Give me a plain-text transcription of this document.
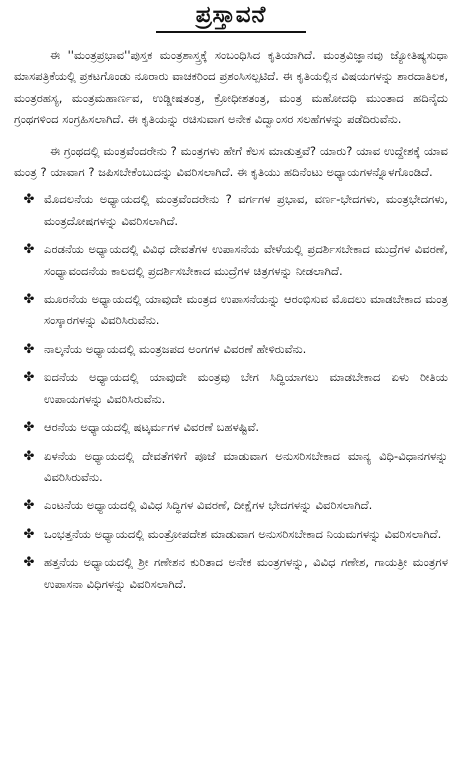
ಪ್ರಸ್ತಾವನೆ

ಈ ''ಮಂತ್ರಪ್ರಭಾವ''ಪುಸ್ತಕ ಮಂತ್ರಶಾಸ್ತ್ರಕ್ಕೆ ಸಂಬಂಧಿಸಿದ ಕೃತಿಯಾಗಿದೆ. ಮಂತ್ರವಿಜ್ಞಾನವು ಜ್ಯೋತಿಷ್ಯಸುಧಾ ಮಾಸಪತ್ರಿಕೆಯಲ್ಲಿ ಪ್ರಕಟಗೊಂಡು ನೂರಾರು ವಾಚಕರಿಂದ ಪ್ರಶಂಸಿಸಲ್ಪಟಿದೆ. ಈ ಕೃತಿಯಲ್ಲಿನ ವಿಷಯಗಳನ್ನು ಶಾರದಾತಿಲಕ, ಮಂತ್ರರಹಸ್ಯ, ಮಂತ್ರಮಹಾರ್ಣವ, ಉಡ್ಡೀಷತಂತ್ರ, ಕ್ರೋಧೀಶತಂತ್ರ, ಮಂತ್ರ ಮಹೋದಧಿ ಮುಂತಾದ ಹದಿನೈದು ಗ್ರಂಥಗಳಿಂದ ಸಂಗ್ರಹಿಸಲಾಗಿದೆ. ಈ ಕೃತಿಯನ್ನು ರಚಿಸುವಾಗ ಅನೇಕ ವಿದ್ವಾಂಸರ ಸಲಹೆಗಳನ್ನು ಪಡೆದಿರುವೆನು.

ಈ ಗ್ರಂಥದಲ್ಲಿ ಮಂತ್ರವೆಂದರೇನು ? ಮಂತ್ರಗಳು ಹೇಗೆ ಕೆಲಸ ಮಾಡುತ್ತವೆ? ಯಾರು? ಯಾವ ಉದ್ದೇಶಕ್ಕೆ ಯಾವ ಮಂತ್ರ ? ಯಾವಾಗ ? ಜಪಿಸಬೇಕೆಂಬುದನ್ನು ವಿವರಿಸಲಾಗಿದೆ. ಈ ಕೃತಿಯು ಹದಿನೆಂಟು ಅಧ್ಯಾಯಗಳನ್ನೊಳಗೊಂಡಿದೆ.

✤ ಮೊದಲನೆಯ ಅಧ್ಯಾಯದಲ್ಲಿ ಮಂತ್ರವೆಂದರೇನು ? ವರ್ಗಗಳ ಪ್ರಭಾವ, ವರ್ಣ-ಭೇದಗಳು, ಮಂತ್ರಭೇದಗಳು, ಮಂತ್ರದೋಷಗಳನ್ನು ವಿವರಿಸಲಾಗಿದೆ.
✤ ಎರಡನೆಯ ಅಧ್ಯಾಯದಲ್ಲಿ ವಿವಿಧ ದೇವತೆಗಳ ಉಪಾಸನೆಯ ವೇಳೆಯಲ್ಲಿ ಪ್ರದರ್ಶಿಸಬೇಕಾದ ಮುದ್ರೆಗಳ ವಿವರಣೆ, ಸಂಧ್ಯಾವಂದನೆಯ ಕಾಲದಲ್ಲಿ ಪ್ರದರ್ಶಿಸಬೇಕಾದ ಮುದ್ರೆಗಳ ಚಿತ್ರಗಳನ್ನು ನೀಡಲಾಗಿದೆ.
✤ ಮೂರನೆಯ ಅಧ್ಯಾಯದಲ್ಲಿ ಯಾವುದೇ ಮಂತ್ರದ ಉಪಾಸನೆಯನ್ನು ಆರಂಭಿಸುವ ಮೊದಲು ಮಾಡಬೇಕಾದ ಮಂತ್ರ ಸಂಸ್ಕಾರಗಳನ್ನು ವಿವರಿಸಿರುವೆನು.
✤ ನಾಲ್ಕನೆಯ ಅಧ್ಯಾಯದಲ್ಲಿ ಮಂತ್ರಜಪದ ಅಂಗಗಳ ವಿವರಣೆ ಹೇಳಿರುವೆನು.
✤ ಐದನೆಯ ಅಧ್ಯಾಯದಲ್ಲಿ ಯಾವುದೇ ಮಂತ್ರವು ಬೇಗ ಸಿದ್ಧಿಯಾಗಲು ಮಾಡಬೇಕಾದ ಏಳು ರೀತಿಯ ಉಪಾಯಗಳನ್ನು ವಿವರಿಸಿರುವೆನು.
✤ ಆರನೆಯ ಅಧ್ಯಾಯದಲ್ಲಿ ಷಟ್ಕರ್ಮಗಳ ವಿವರಣೆ ಬಹಳಷ್ಟಿವೆ.
✤ ಏಳನೆಯ ಅಧ್ಯಾಯದಲ್ಲಿ ದೇವತೆಗಳಿಗೆ ಪೂಜೆ ಮಾಡುವಾಗ ಅನುಸರಿಸಬೇಕಾದ ಮಾನ್ಯ ವಿಧಿ-ವಿಧಾನಗಳನ್ನು ವಿವರಿಸಿರುವೆನು.
✤ ಎಂಟನೆಯ ಅಧ್ಯಾಯದಲ್ಲಿ ವಿವಿಧ ಸಿದ್ಧಿಗಳ ವಿವರಣೆ, ದೀಕ್ಷೆಗಳ ಭೇದಗಳನ್ನು ವಿವರಿಸಲಾಗಿದೆ.
✤ ಒಂಭತ್ತನೆಯ ಅಧ್ಯಾಯದಲ್ಲಿ ಮಂತ್ರೋಪದೇಶ ಮಾಡುವಾಗ ಅನುಸರಿಸಬೇಕಾದ ನಿಯಮಗಳನ್ನು ವಿವರಿಸಲಾಗಿದೆ.
✤ ಹತ್ತನೆಯ ಅಧ್ಯಾಯದಲ್ಲಿ ಶ್ರೀ ಗಣೇಶನ ಕುರಿತಾದ ಅನೇಕ ಮಂತ್ರಗಳನ್ನು, ವಿವಿಧ ಗಣೇಶ, ಗಾಯತ್ರೀ ಮಂತ್ರಗಳ ಉಪಾಸನಾ ವಿಧಿಗಳನ್ನು ವಿವರಿಸಲಾಗಿದೆ.
